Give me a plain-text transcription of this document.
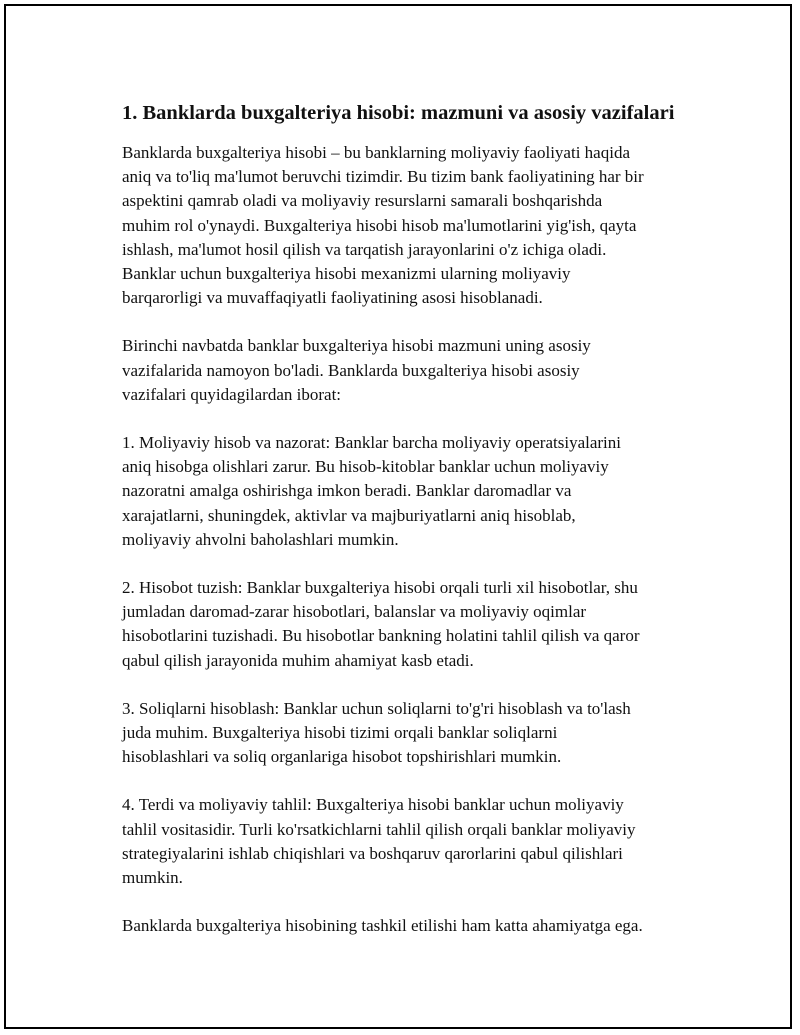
1. Banklarda buxgalteriya hisobi: mazmuni va asosiy vazifalari

Banklarda buxgalteriya hisobi – bu banklarning moliyaviy faoliyati haqida
aniq va to'liq ma'lumot beruvchi tizimdir. Bu tizim bank faoliyatining har bir
aspektini qamrab oladi va moliyaviy resurslarni samarali boshqarishda
muhim rol o'ynaydi. Buxgalteriya hisobi hisob ma'lumotlarini yig'ish, qayta
ishlash, ma'lumot hosil qilish va tarqatish jarayonlarini o'z ichiga oladi.
Banklar uchun buxgalteriya hisobi mexanizmi ularning moliyaviy
barqarorligi va muvaffaqiyatli faoliyatining asosi hisoblanadi.

Birinchi navbatda banklar buxgalteriya hisobi mazmuni uning asosiy
vazifalarida namoyon bo'ladi. Banklarda buxgalteriya hisobi asosiy
vazifalari quyidagilardan iborat:

1. Moliyaviy hisob va nazorat: Banklar barcha moliyaviy operatsiyalarini
aniq hisobga olishlari zarur. Bu hisob-kitoblar banklar uchun moliyaviy
nazoratni amalga oshirishga imkon beradi. Banklar daromadlar va
xarajatlarni, shuningdek, aktivlar va majburiyatlarni aniq hisoblab,
moliyaviy ahvolni baholashlari mumkin.

2. Hisobot tuzish: Banklar buxgalteriya hisobi orqali turli xil hisobotlar, shu
jumladan daromad-zarar hisobotlari, balanslar va moliyaviy oqimlar
hisobotlarini tuzishadi. Bu hisobotlar bankning holatini tahlil qilish va qaror
qabul qilish jarayonida muhim ahamiyat kasb etadi.

3. Soliqlarni hisoblash: Banklar uchun soliqlarni to'g'ri hisoblash va to'lash
juda muhim. Buxgalteriya hisobi tizimi orqali banklar soliqlarni
hisoblashlari va soliq organlariga hisobot topshirishlari mumkin.

4. Terdi va moliyaviy tahlil: Buxgalteriya hisobi banklar uchun moliyaviy
tahlil vositasidir. Turli ko'rsatkichlarni tahlil qilish orqali banklar moliyaviy
strategiyalarini ishlab chiqishlari va boshqaruv qarorlarini qabul qilishlari
mumkin.

Banklarda buxgalteriya hisobining tashkil etilishi ham katta ahamiyatga ega.
